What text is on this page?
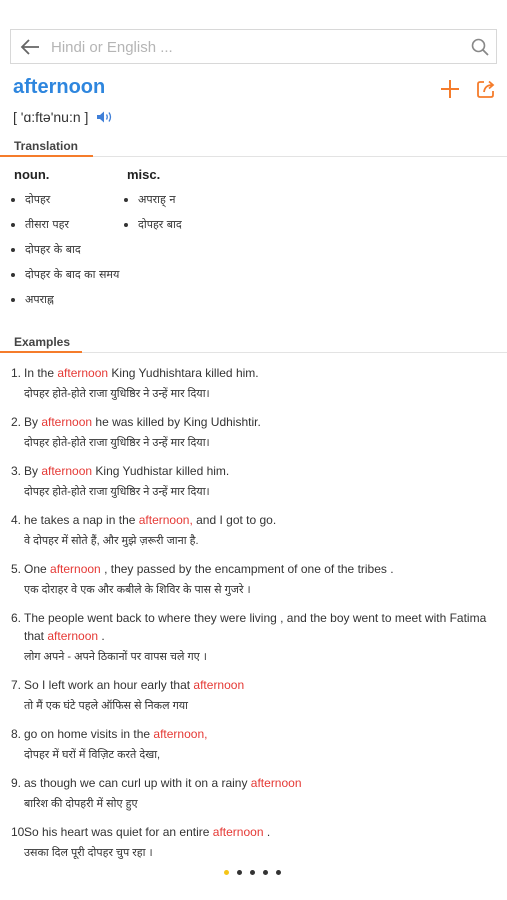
Hindi or English ...
afternoon
[ 'ɑ:ftə'nu:n ]
Translation
noun.
दोपहर
तीसरा पहर
दोपहर के बाद
दोपहर के बाद का समय
अपराह्न
misc.
अपराह् न
दोपहर बाद
Examples
1. In the afternoon King Yudhishtara killed him.
दोपहर होते-होते राजा युधिष्ठिर ने उन्हें मार दिया।
2. By afternoon he was killed by King Udhishtir.
दोपहर होते-होते राजा युधिष्ठिर ने उन्हें मार दिया।
3. By afternoon King Yudhistar killed him.
दोपहर होते-होते राजा युधिष्ठिर ने उन्हें मार दिया।
4. he takes a nap in the afternoon, and I got to go.
वे दोपहर में सोते हैं, और मुझे ज़रूरी जाना है.
5. One afternoon , they passed by the encampment of one of the tribes .
एक दोराहर वे एक और कबीले के शिविर के पास से गुजरे ।
6. The people went back to where they were living , and the boy went to meet with Fatima that afternoon .
लोग अपने - अपने ठिकानों पर वापस चले गए ।
7. So I left work an hour early that afternoon
तो मैं एक घंटे पहले ऑफिस से निकल गया
8. go on home visits in the afternoon,
दोपहर में घरों में विज़िट करते देखा,
9. as though we can curl up with it on a rainy afternoon
बारिश की दोपहरी में सोए हुए
10.
So his heart was quiet for an entire afternoon .
उसका दिल पूरी दोपहर चुप रहा ।
